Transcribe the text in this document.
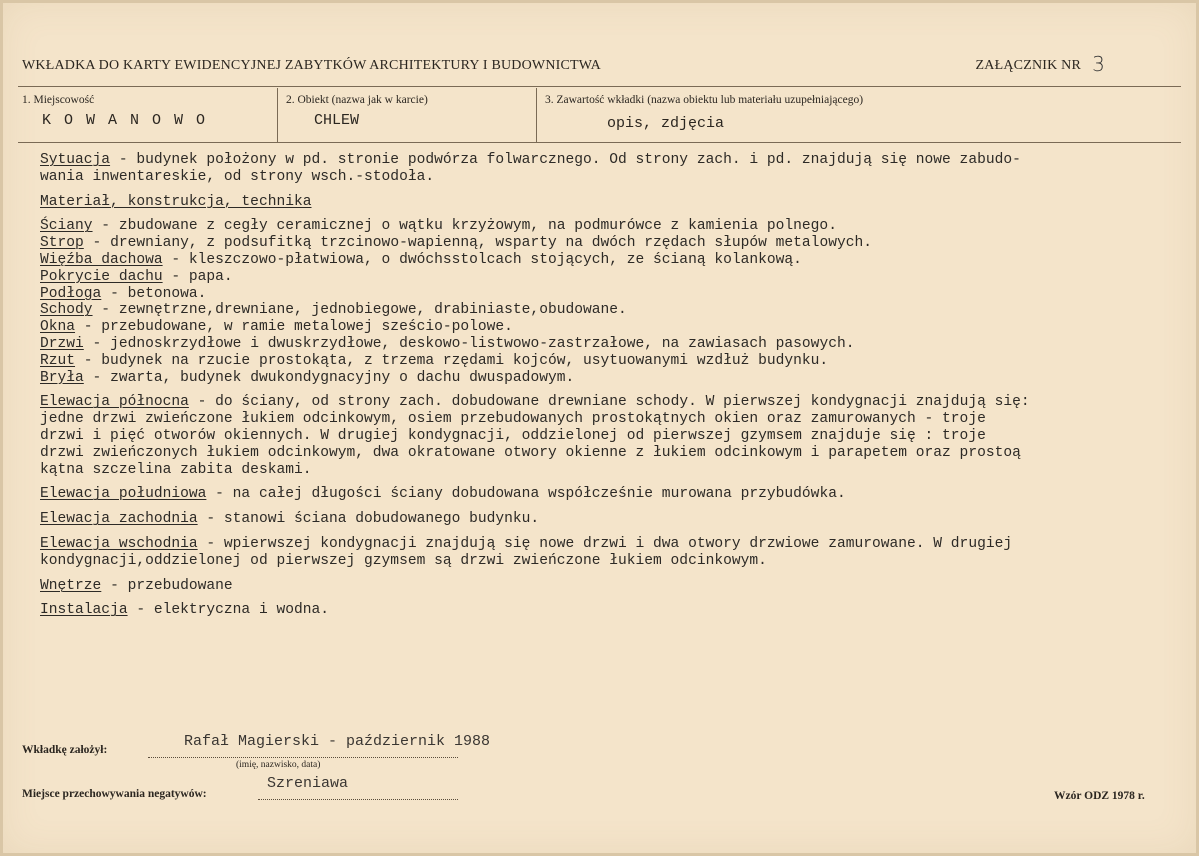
WKŁADKA DO KARTY EWIDENCYJNEJ ZABYTKÓW ARCHITEKTURY I BUDOWNICTWA	ZAŁĄCZNIK NR 3
1. Miejscowość
K O W A N O W O
2. Obiekt (nazwa jak w karcie)
CHLEW
3. Zawartość wkładki (nazwa obiektu lub materiału uzupełniającego)
opis, zdjęcia

Sytuacja - budynek położony w pd. stronie podwórza folwarcznego. Od strony zach. i pd. znajdują się nowe zabudo-
wania inwentareskie, od strony wsch.-stodoła.

Materiał, konstrukcja, technika

Ściany - zbudowane z cegły ceramicznej o wątku krzyżowym, na podmurówce z kamienia polnego.

Strop - drewniany, z podsufitką trzcinowo-wapienną, wsparty na dwóch rzędach słupów metalowych.

Więźba dachowa - kleszczowo-płatwiowa, o dwóchsstolcach stojących, ze ścianą kolankową.

Pokrycie dachu - papa.

Podłoga - betonowa.

Schody - zewnętrzne,drewniane, jednobiegowe, drabiniaste,obudowane.

Okna - przebudowane, w ramie metalowej sześcio-polowe.

Drzwi - jednoskrzydłowe i dwuskrzydłowe, deskowo-listwowo-zastrzałowe, na zawiasach pasowych.

Rzut - budynek na rzucie prostokąta, z trzema rzędami kojców, usytuowanymi wzdłuż budynku.

Bryła - zwarta, budynek dwukondygnacyjny o dachu dwuspadowym.

Elewacja północna - do ściany, od strony zach. dobudowane drewniane schody. W pierwszej kondygnacji znajdują się:
jedne drzwi zwieńczone łukiem odcinkowym, osiem przebudowanych prostokątnych okien oraz zamurowanych - troje
drzwi i pięć otworów okiennych. W drugiej kondygnacji, oddzielonej od pierwszej gzymsem znajduje się : troje
drzwi zwieńczonych łukiem odcinkowym, dwa okratowane otwory okienne z łukiem odcinkowym i parapetem oraz prostoą
kątna szczelina zabita deskami.

Elewacja południowa - na całej długości ściany dobudowana współcześnie murowana przybudówka.

Elewacja zachodnia - stanowi ściana dobudowanego budynku.

Elewacja wschodnia - wpierwszej kondygnacji znajdują się nowe drzwi i dwa otwory drzwiowe zamurowane. W drugiej
kondygnacji,oddzielonej od pierwszej gzymsem są drzwi zwieńczone łukiem odcinkowym.

Wnętrze - przebudowane

Instalacja - elektryczna i wodna.

Wkładkę założył:	Rafał Magierski - październik 1988
(imię, nazwisko, data)
Miejsce przechowywania negatywów:
Szreniawa
Wzór ODZ 1978 r.
